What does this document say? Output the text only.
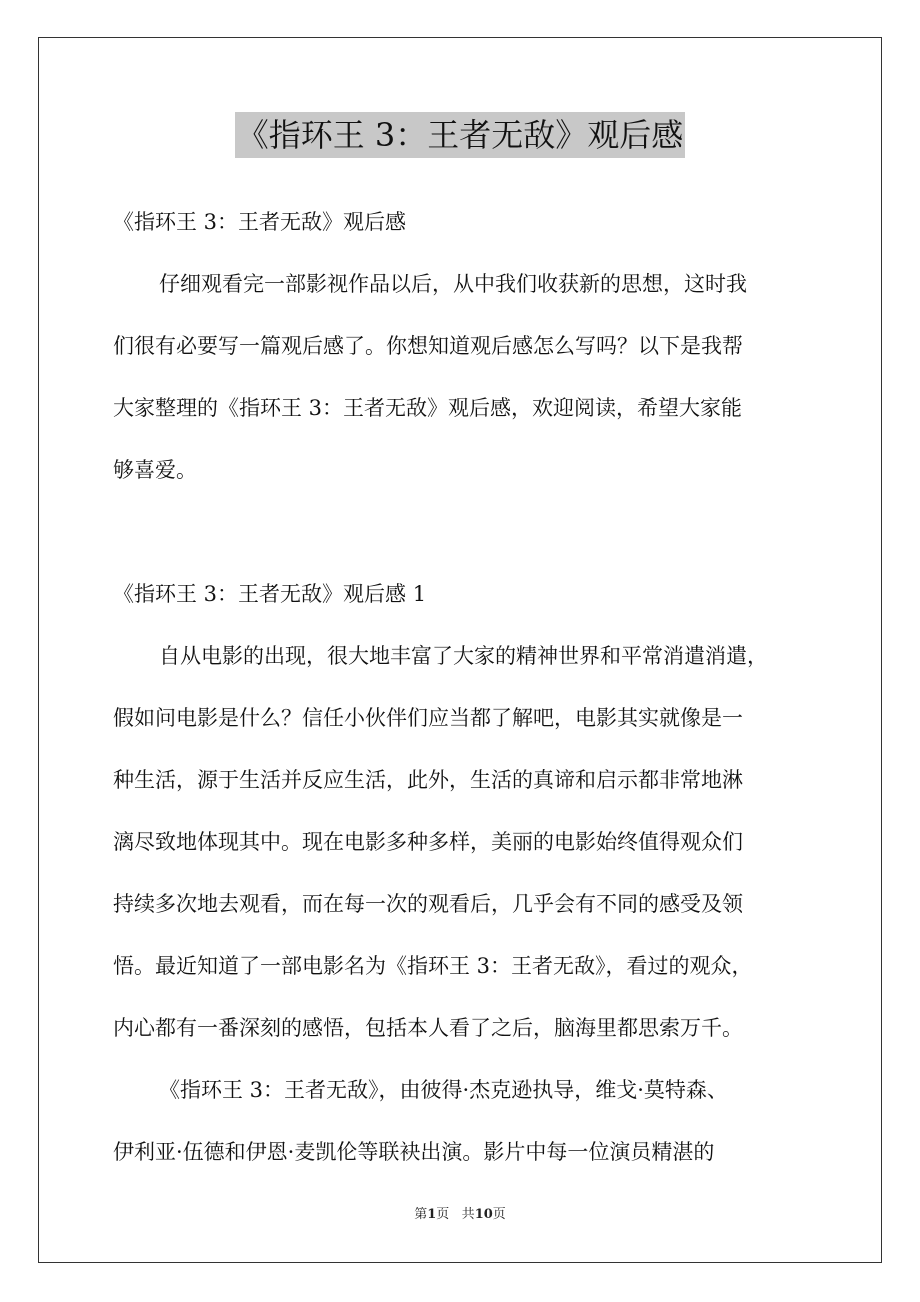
《指环王 3：王者无敌》观后感
《指环王 3：王者无敌》观后感
仔细观看完一部影视作品以后，从中我们收获新的思想，这时我
们很有必要写一篇观后感了。你想知道观后感怎么写吗？以下是我帮
大家整理的《指环王 3：王者无敌》观后感，欢迎阅读，希望大家能
够喜爱。
《指环王 3：王者无敌》观后感 1
自从电影的出现，很大地丰富了大家的精神世界和平常消遣消遣，
假如问电影是什么？信任小伙伴们应当都了解吧，电影其实就像是一
种生活，源于生活并反应生活，此外，生活的真谛和启示都非常地淋
漓尽致地体现其中。现在电影多种多样，美丽的电影始终值得观众们
持续多次地去观看，而在每一次的观看后，几乎会有不同的感受及领
悟。最近知道了一部电影名为《指环王 3：王者无敌》，看过的观众，
内心都有一番深刻的感悟，包括本人看了之后，脑海里都思索万千。
《指环王 3：王者无敌》，由彼得·杰克逊执导，维戈·莫特森、
伊利亚·伍德和伊恩·麦凯伦等联袂出演。影片中每一位演员精湛的
第1页 共10页
